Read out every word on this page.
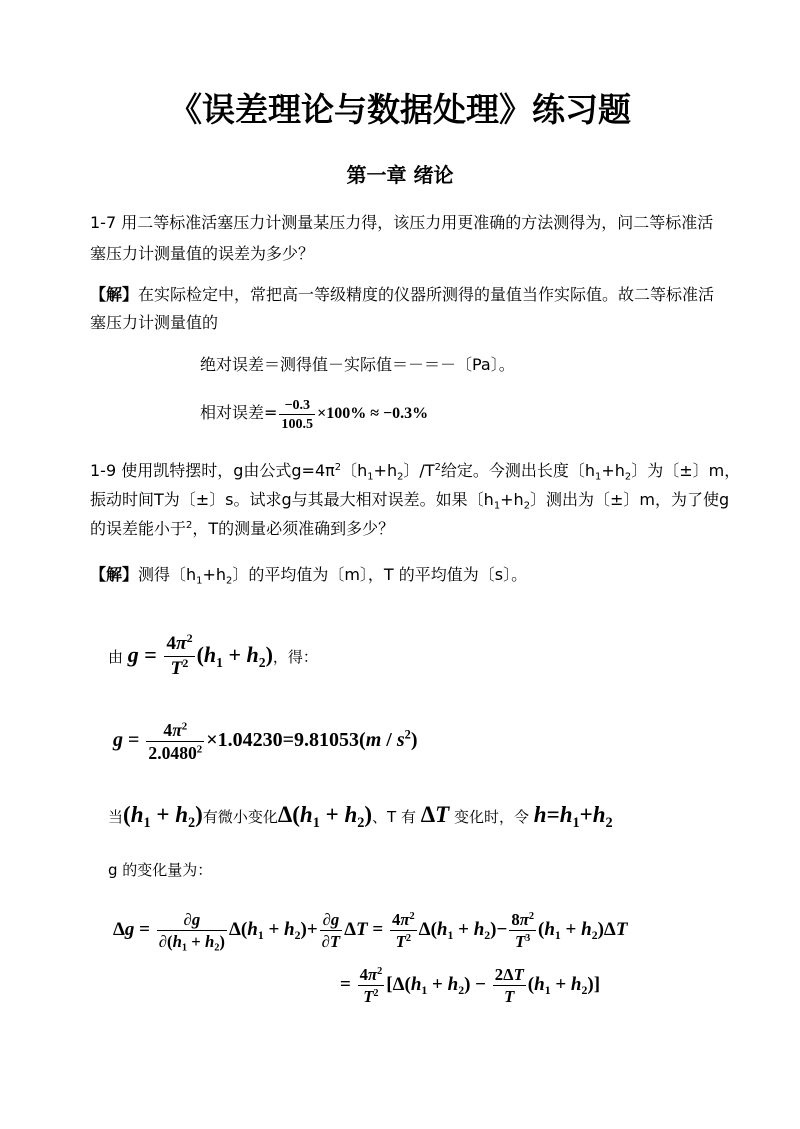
《误差理论与数据处理》练习题
第一章 绪论
1-7 用二等标准活塞压力计测量某压力得，该压力用更准确的方法测得为，问二等标准活
塞压力计测量值的误差为多少？
【解】在实际检定中，常把高一等级精度的仪器所测得的量值当作实际值。故二等标准活
塞压力计测量值的
绝对误差＝测得值－实际值＝－＝－〔Pa〕。
相对误差= $\frac{-0.3}{100.5} \times 100\% \approx -0.3\%$
1-9 使用凯特摆时，g由公式$g=4\pi^2$〔$h_1+h_2$〕$/T^2$给定。今测出长度〔$h_1+h_2$〕为〔±〕m，
振动时间T为〔±〕s。试求g与其最大相对误差。如果〔$h_1+h_2$〕测出为〔±〕m，为了使g
的误差能小于$^2$，T的测量必须准确到多少？
【解】测得〔$h_1+h_2$〕的平均值为〔m〕，T 的平均值为〔s〕。
由 $g = \frac{4\pi^2}{T^2} (h_1 + h_2)$，得：
$g = \frac{4\pi^2}{2.0480^2} \times 1.04230=9.81053(m / s^2)$
当$(h_1 + h_2)$有微小变化$\Delta(h_1 + h_2)$、T 有 ΔT 变化时，令 $h=h_1+h_2$
g 的变化量为：
$\Delta g = \frac{\partial g}{\partial(h_1 + h_2)} \Delta(h_1 + h_2)+ \frac{\partial g}{\partial T}$ $\Delta T = \frac{4\pi^2}{T^2} \Delta(h_1 + h_2)- \frac{8\pi^2}{T^3} (h_1 + h_2)\Delta T$
= $\frac{4\pi^2}{T^2} [\Delta(h_1 + h_2) - \frac{2\Delta T}{T} (h_1 + h_2)]$
